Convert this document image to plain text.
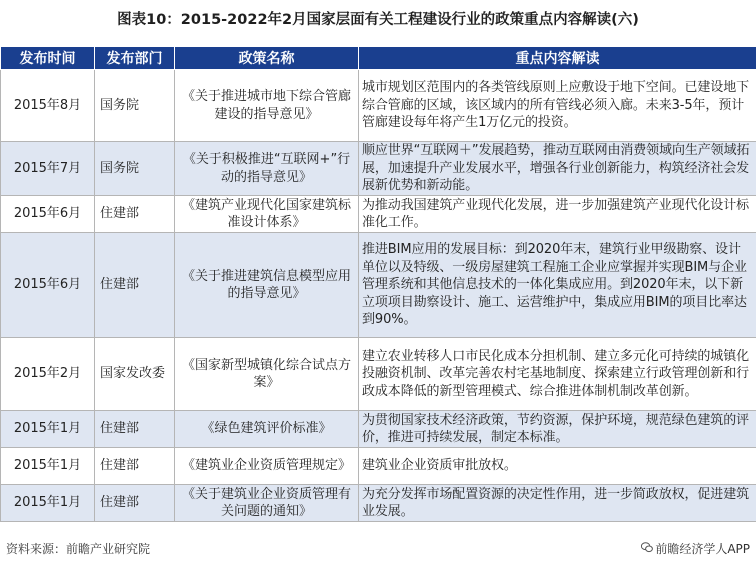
图表10：2015-2022年2月国家层面有关工程建设行业的政策重点内容解读(六)
发布时间	发布部门	政策名称	重点内容解读
2015年8月	国务院	《关于推进城市地下综合管廊建设的指导意见》	城市规划区范围内的各类管线原则上应敷设于地下空间。已建设地下综合管廊的区域，该区域内的所有管线必须入廊。未来3-5年，预计管廊建设每年将产生1万亿元的投资。
2015年7月	国务院	《关于积极推进“互联网+”行动的指导意见》	顺应世界“互联网＋”发展趋势，推动互联网由消费领域向生产领域拓展，加速提升产业发展水平，增强各行业创新能力，构筑经济社会发展新优势和新动能。
2015年6月	住建部	《建筑产业现代化国家建筑标准设计体系》	为推动我国建筑产业现代化发展，进一步加强建筑产业现代化设计标准化工作。
2015年6月	住建部	《关于推进建筑信息模型应用的指导意见》	推进BIM应用的发展目标：到2020年末，建筑行业甲级勘察、设计单位以及特级、一级房屋建筑工程施工企业应掌握并实现BIM与企业管理系统和其他信息技术的一体化集成应用。到2020年末，以下新立项项目勘察设计、施工、运营维护中，集成应用BIM的项目比率达到90%。
2015年2月	国家发改委	《国家新型城镇化综合试点方案》	建立农业转移人口市民化成本分担机制、建立多元化可持续的城镇化投融资机制、改革完善农村宅基地制度、探索建立行政管理创新和行政成本降低的新型管理模式、综合推进体制机制改革创新。
2015年1月	住建部	《绿色建筑评价标准》	为贯彻国家技术经济政策，节约资源，保护环境，规范绿色建筑的评价，推进可持续发展，制定本标准。
2015年1月	住建部	《建筑业企业资质管理规定》	建筑业企业资质审批放权。
2015年1月	住建部	《关于建筑业企业资质管理有关问题的通知》	为充分发挥市场配置资源的决定性作用，进一步简政放权，促进建筑业发展。
资料来源：前瞻产业研究院	前瞻经济学人APP
